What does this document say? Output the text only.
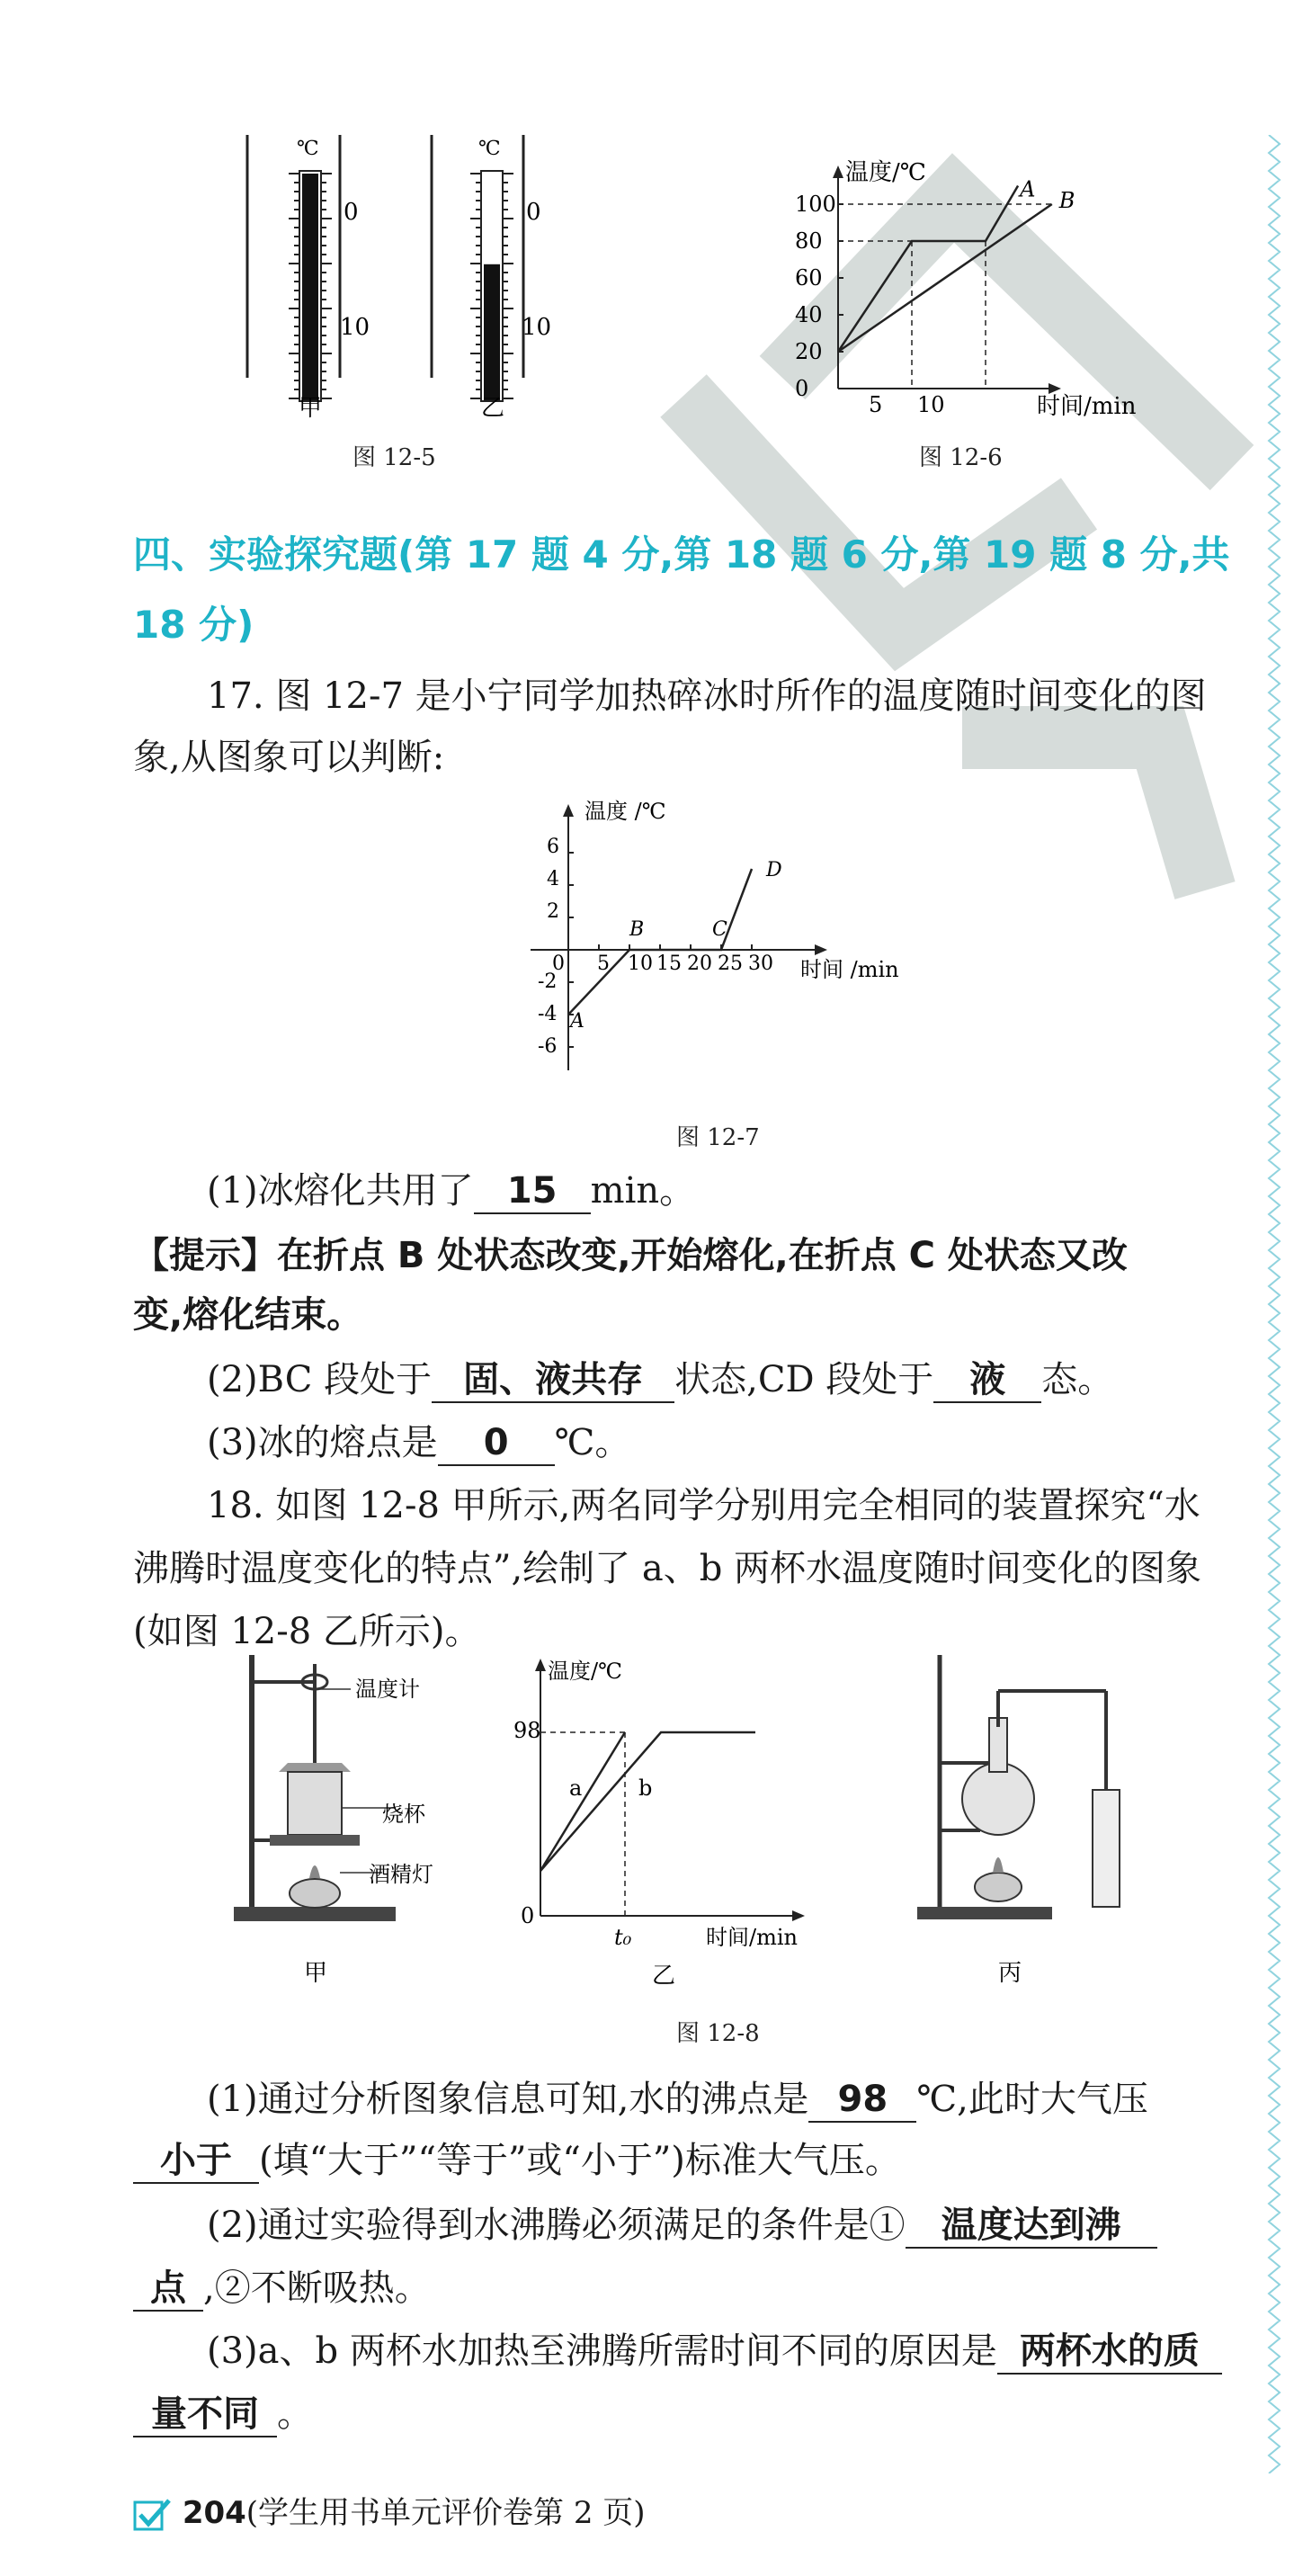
℃
0
10
甲
℃
0
10
乙
图 12-5
温度/℃
时间/min
0
20
40
60
80
100
A B
5 10
图 12-6
四、实验探究题(第 17 题 4 分,第 18 题 6 分,第 19 题 8 分,共 18 分)
17. 图 12-7 是小宁同学加热碎冰时所作的温度随时间变化的图
象,从图象可以判断:
温度 /℃
时间 /min
0
6
4
2
-2
-4
-6
5 10 15 20 25 30
A
B	C
D
图 12-7
(1)冰熔化共用了 15 min。
【提示】在折点 B 处状态改变,开始熔化,在折点 C 处状态又改
变,熔化结束。
(2)BC 段处于 固、液共存 状态,CD 段处于 液 态。
(3)冰的熔点是 0 ℃。
18. 如图 12-8 甲所示,两名同学分别用完全相同的装置探究“水
沸腾时温度变化的特点”,绘制了 a、b 两杯水温度随时间变化的图象
(如图 12-8 乙所示)。
温度计
烧杯
酒精灯
甲
温度/℃
98
a	b
0
t₀	时间/min
乙	丙
图 12-8
(1)通过分析图象信息可知,水的沸点是 98 ℃,此时大气压
小于 (填“大于”“等于”或“小于”)标准大气压。
(2)通过实验得到水沸腾必须满足的条件是① 温度达到沸
点 ,②不断吸热。
(3)a、b 两杯水加热至沸腾所需时间不同的原因是 两杯水的质
量不同 。
204(学生用书单元评价卷第 2 页)
